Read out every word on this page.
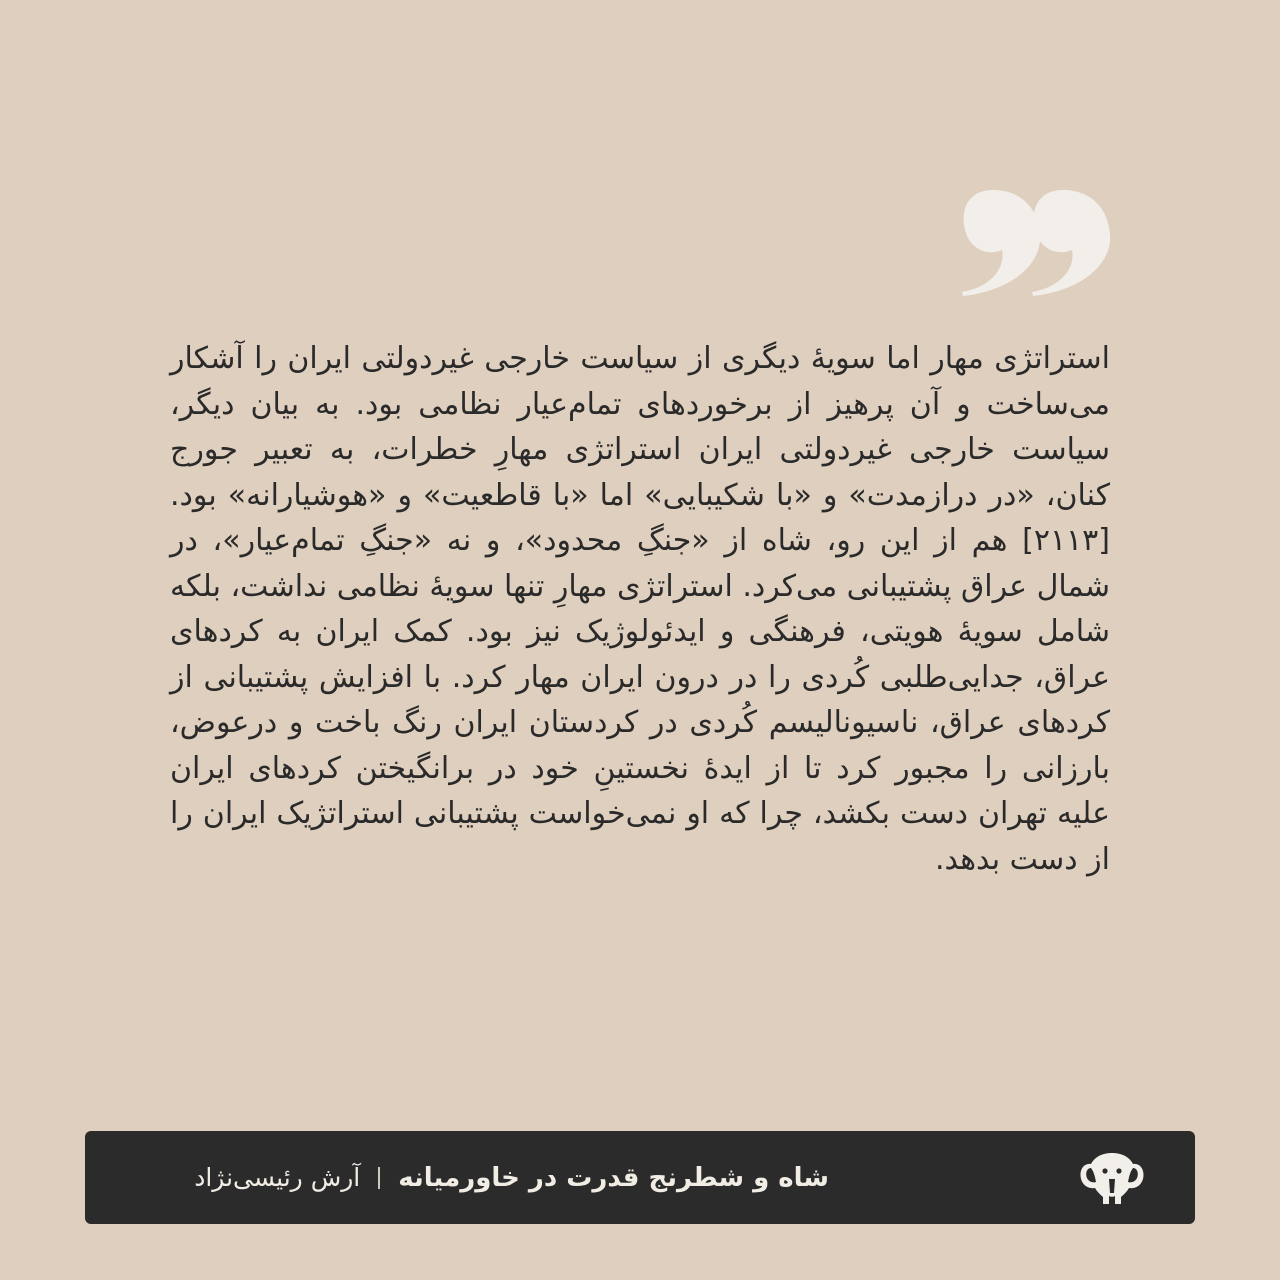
استراتژی مهار اما سویهٔ دیگری از سیاست خارجی غیردولتی ایران را آشکار می‌ساخت و آن پرهیز از برخوردهای تمام‌عیار نظامی بود. به بیان دیگر، سیاست خارجی غیردولتی ایران استراتژی مهارِ خطرات، به تعبیر جورج کنان، «در درازمدت» و «با شکیبایی» اما «با قاطعیت» و «هوشیارانه» بود.[۲۱۱۳] هم از این رو، شاه از «جنگِ محدود»، و نه «جنگِ تمام‌عیار»، در شمال عراق پشتیبانی می‌کرد. استراتژی مهارِ تنها سویهٔ نظامی نداشت، بلکه شامل سویهٔ هویتی، فرهنگی و ایدئولوژیک نیز بود. کمک ایران به کردهای عراق، جدایی‌طلبی کُردی را در درون ایران مهار کرد. با افزایش پشتیبانی از کردهای عراق، ناسیونالیسم کُردی در کردستان ایران رنگ باخت و درعوض، بارزانی را مجبور کرد تا از ایدهٔ نخستینِ خود در برانگیختن کردهای ایران علیه تهران دست بکشد، چرا که او نمی‌خواست پشتیبانی استراتژیک ایران را از دست بدهد.

شاه و شطرنج قدرت در خاورمیانه
آرش رئیسی‌نژاد
